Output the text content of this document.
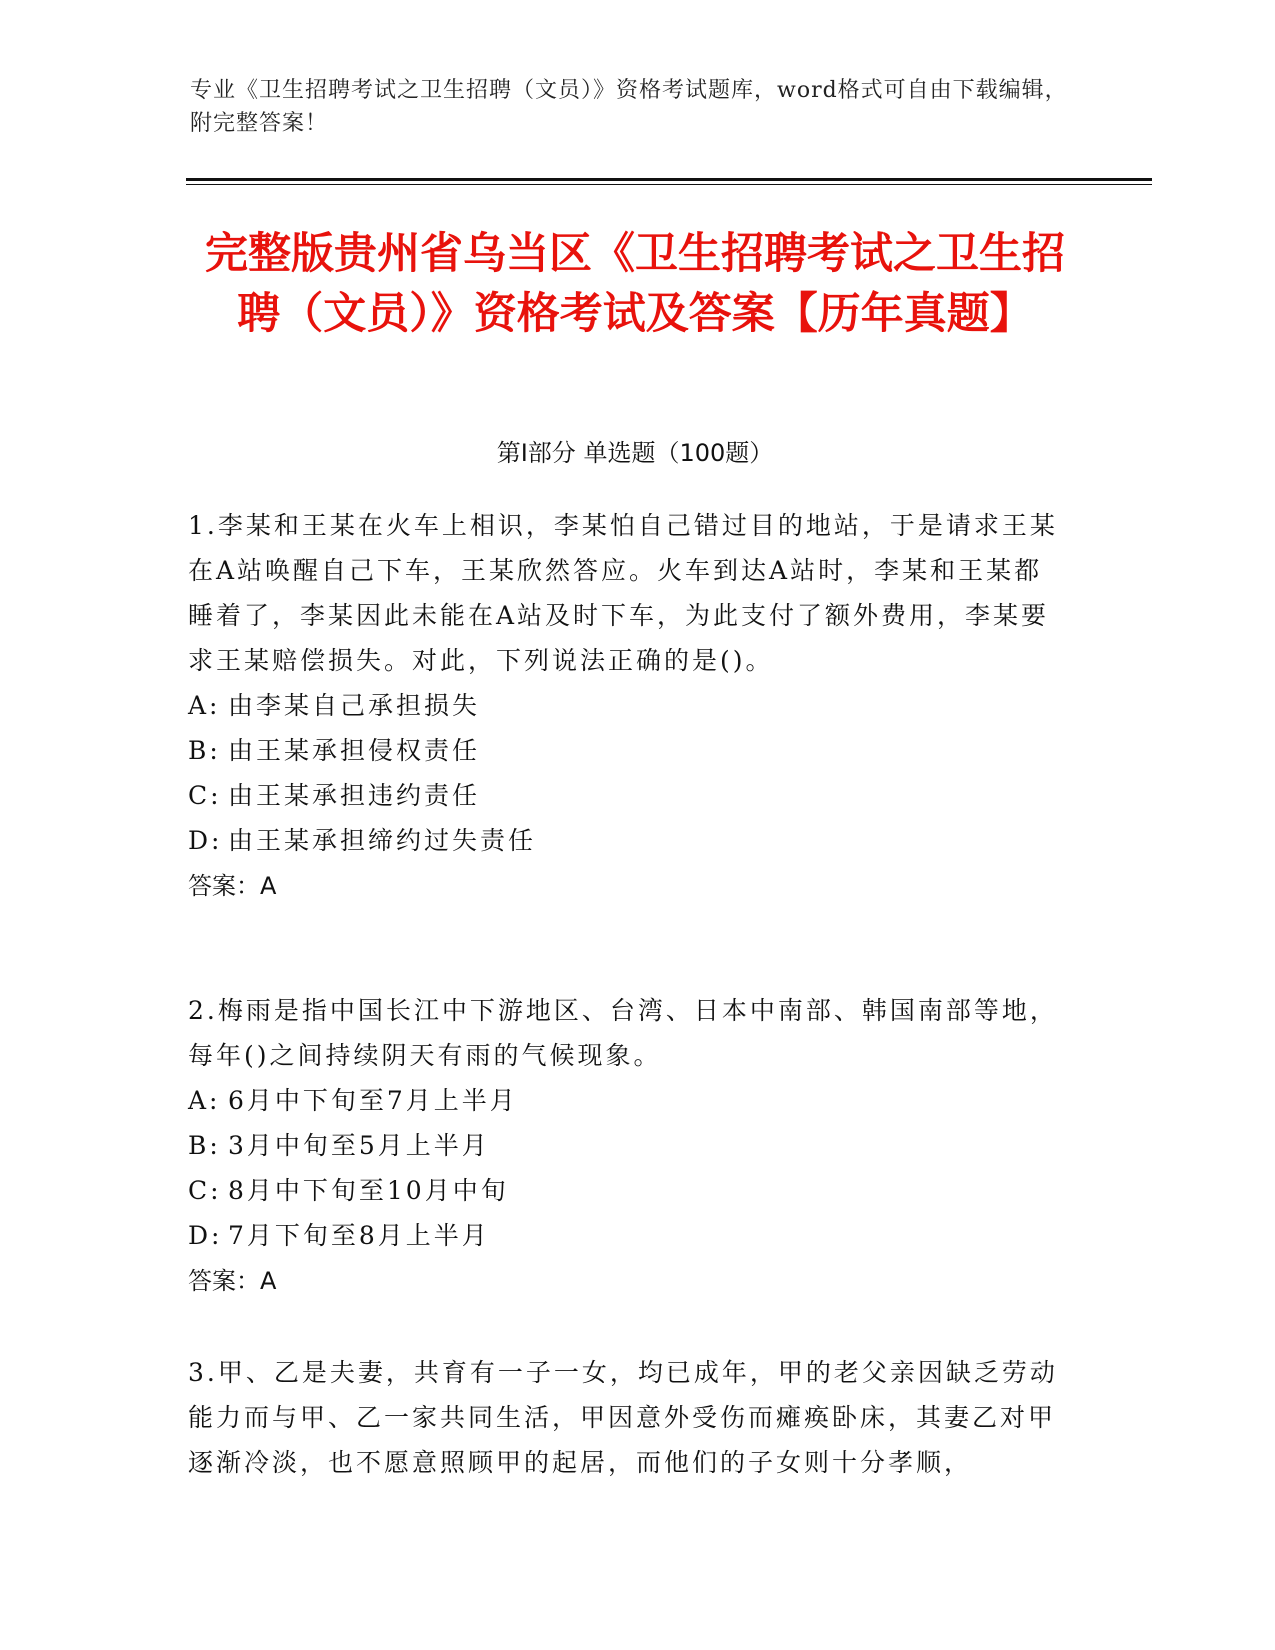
专业《卫生招聘考试之卫生招聘（文员）》资格考试题库，word格式可自由下载编辑，附完整答案！
完整版贵州省乌当区《卫生招聘考试之卫生招聘（文员）》资格考试及答案【历年真题】
第Ⅰ部分 单选题（100题）

1.李某和王某在火车上相识，李某怕自己错过目的地站，于是请求王某在A站唤醒自己下车，王某欣然答应。火车到达A站时，李某和王某都睡着了，李某因此未能在A站及时下车，为此支付了额外费用，李某要求王某赔偿损失。对此，下列说法正确的是()。

A: 由李某自己承担损失

B: 由王某承担侵权责任

C: 由王某承担违约责任

D: 由王某承担缔约过失责任

答案：A

2.梅雨是指中国长江中下游地区、台湾、日本中南部、韩国南部等地，每年()之间持续阴天有雨的气候现象。

A: 6月中下旬至7月上半月

B: 3月中旬至5月上半月

C: 8月中下旬至10月中旬

D: 7月下旬至8月上半月

答案：A

3.甲、乙是夫妻，共育有一子一女，均已成年，甲的老父亲因缺乏劳动能力而与甲、乙一家共同生活，甲因意外受伤而瘫痪卧床，其妻乙对甲逐渐冷淡，也不愿意照顾甲的起居，而他们的子女则十分孝顺，
